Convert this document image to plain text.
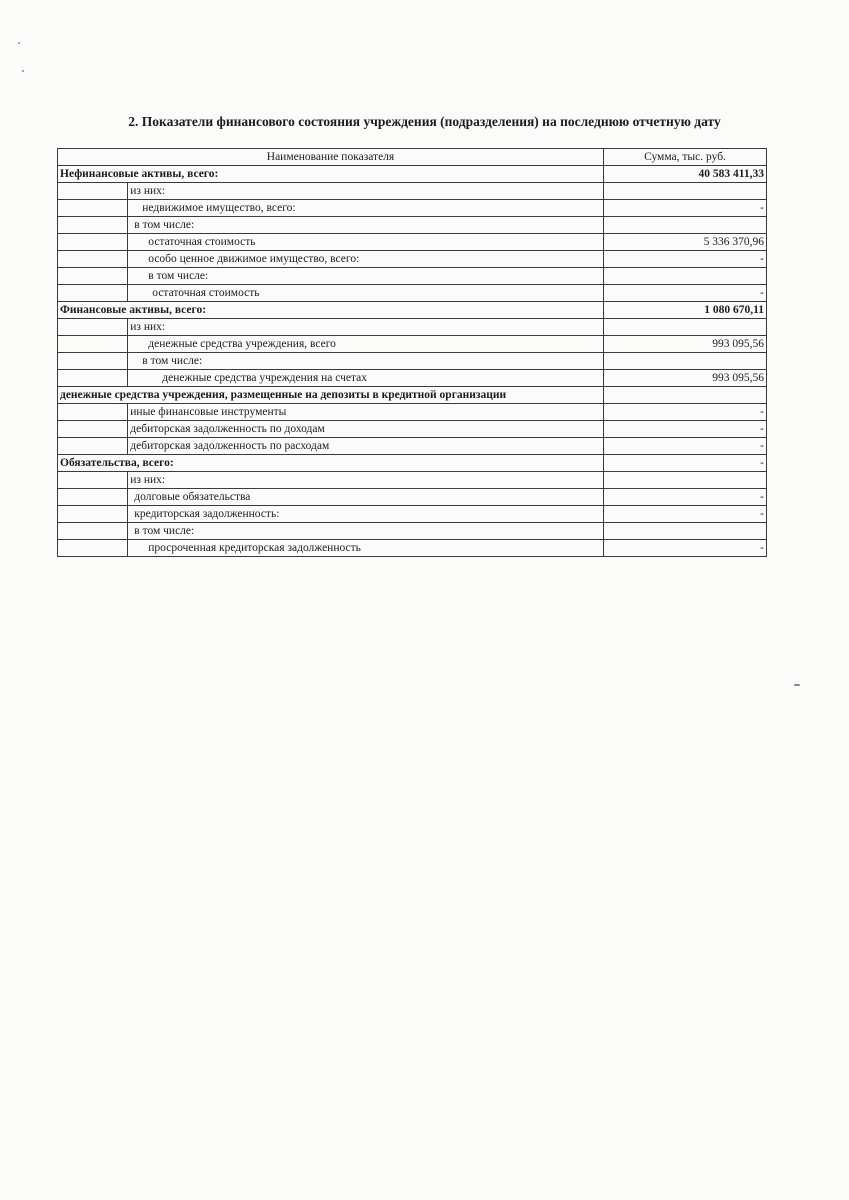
2. Показатели финансового состояния учреждения (подразделения) на последнюю отчетную дату
Наименование показателя		Сумма, тыс. руб.
Нефинансовые активы, всего:		40 583 411,33
	из них:	
	недвижимое имущество, всего:	-
	в том числе:	
	остаточная стоимость	5 336 370,96
	особо ценное движимое имущество, всего:	-
	в том числе:	
	остаточная стоимость	-
Финансовые активы, всего:		1 080 670,11
	из них:	
	денежные средства учреждения, всего	993 095,56
	в том числе:	
	денежные средства учреждения на счетах	993 095,56
денежные средства учреждения, размещенные на депозиты в кредитной организации		
	иные финансовые инструменты	-
	дебиторская задолженность по доходам	-
	дебиторская задолженность по расходам	-
Обязательства, всего:		-
	из них:	
	долговые обязательства	-
	кредиторская задолженность:	-
	в том числе:	
	просроченная кредиторская задолженность	-
